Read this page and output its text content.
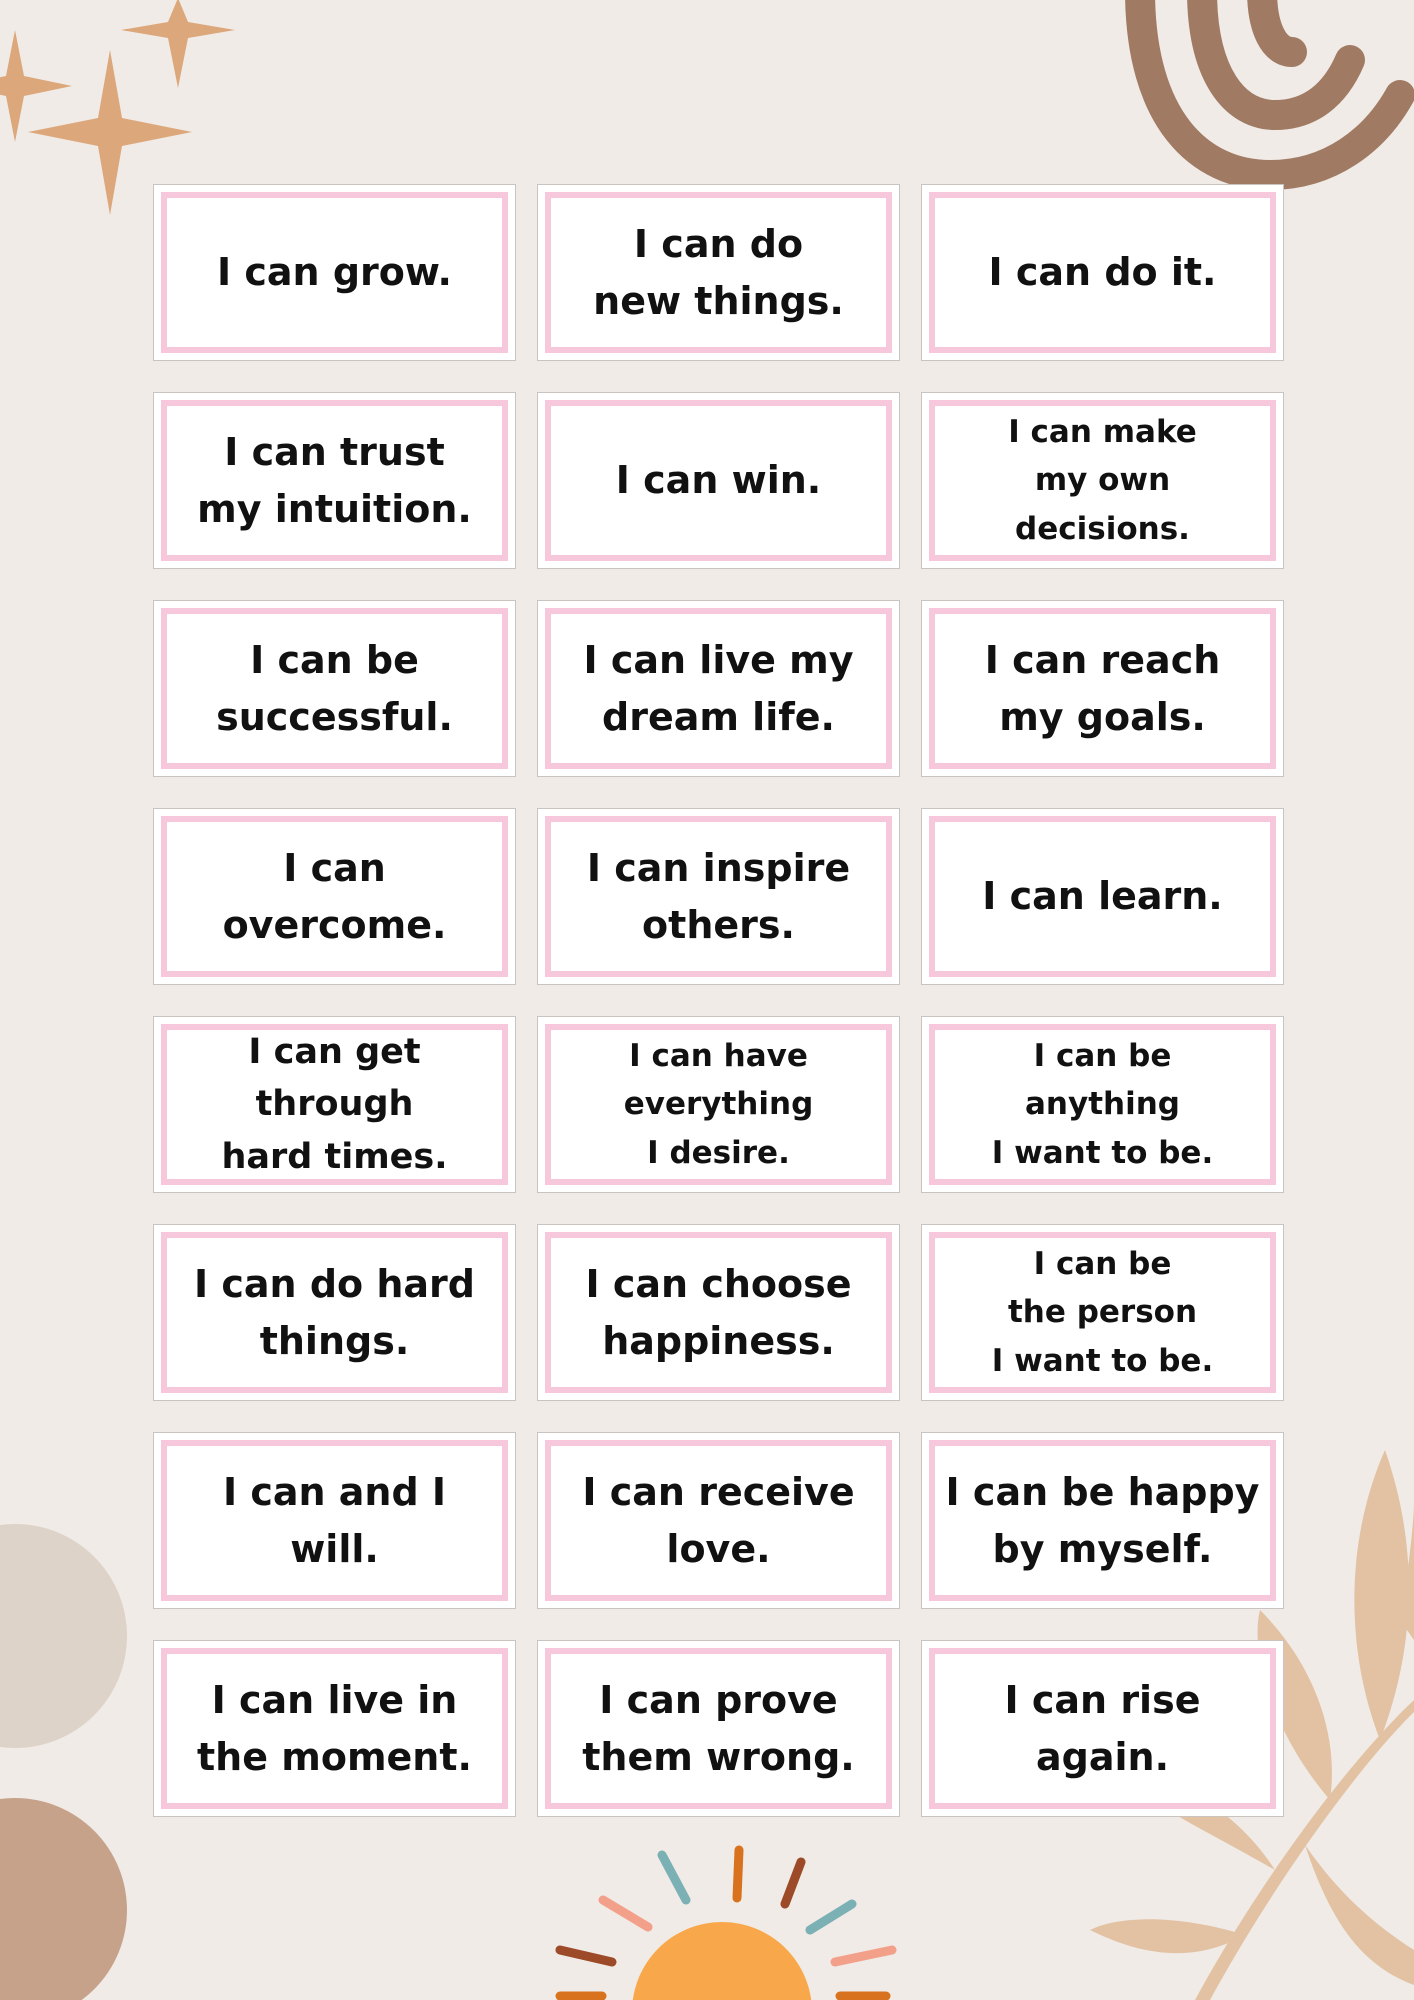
I can grow.

I can do
new things.

I can do it.

I can trust
my intuition.

I can win.

I can make
my own
decisions.

I can be
successful.

I can live my
dream life.

I can reach
my goals.

I can overcome.

I can inspire
others.

I can learn.

I can get through
hard times.

I can have
everything
I desire.

I can be
anything
I want to be.

I can do hard
things.

I can choose
happiness.

I can be
the person
I want to be.

I can and I will.

I can receive
love.

I can be happy
by myself.

I can live in
the moment.

I can prove
them wrong.

I can rise again.
